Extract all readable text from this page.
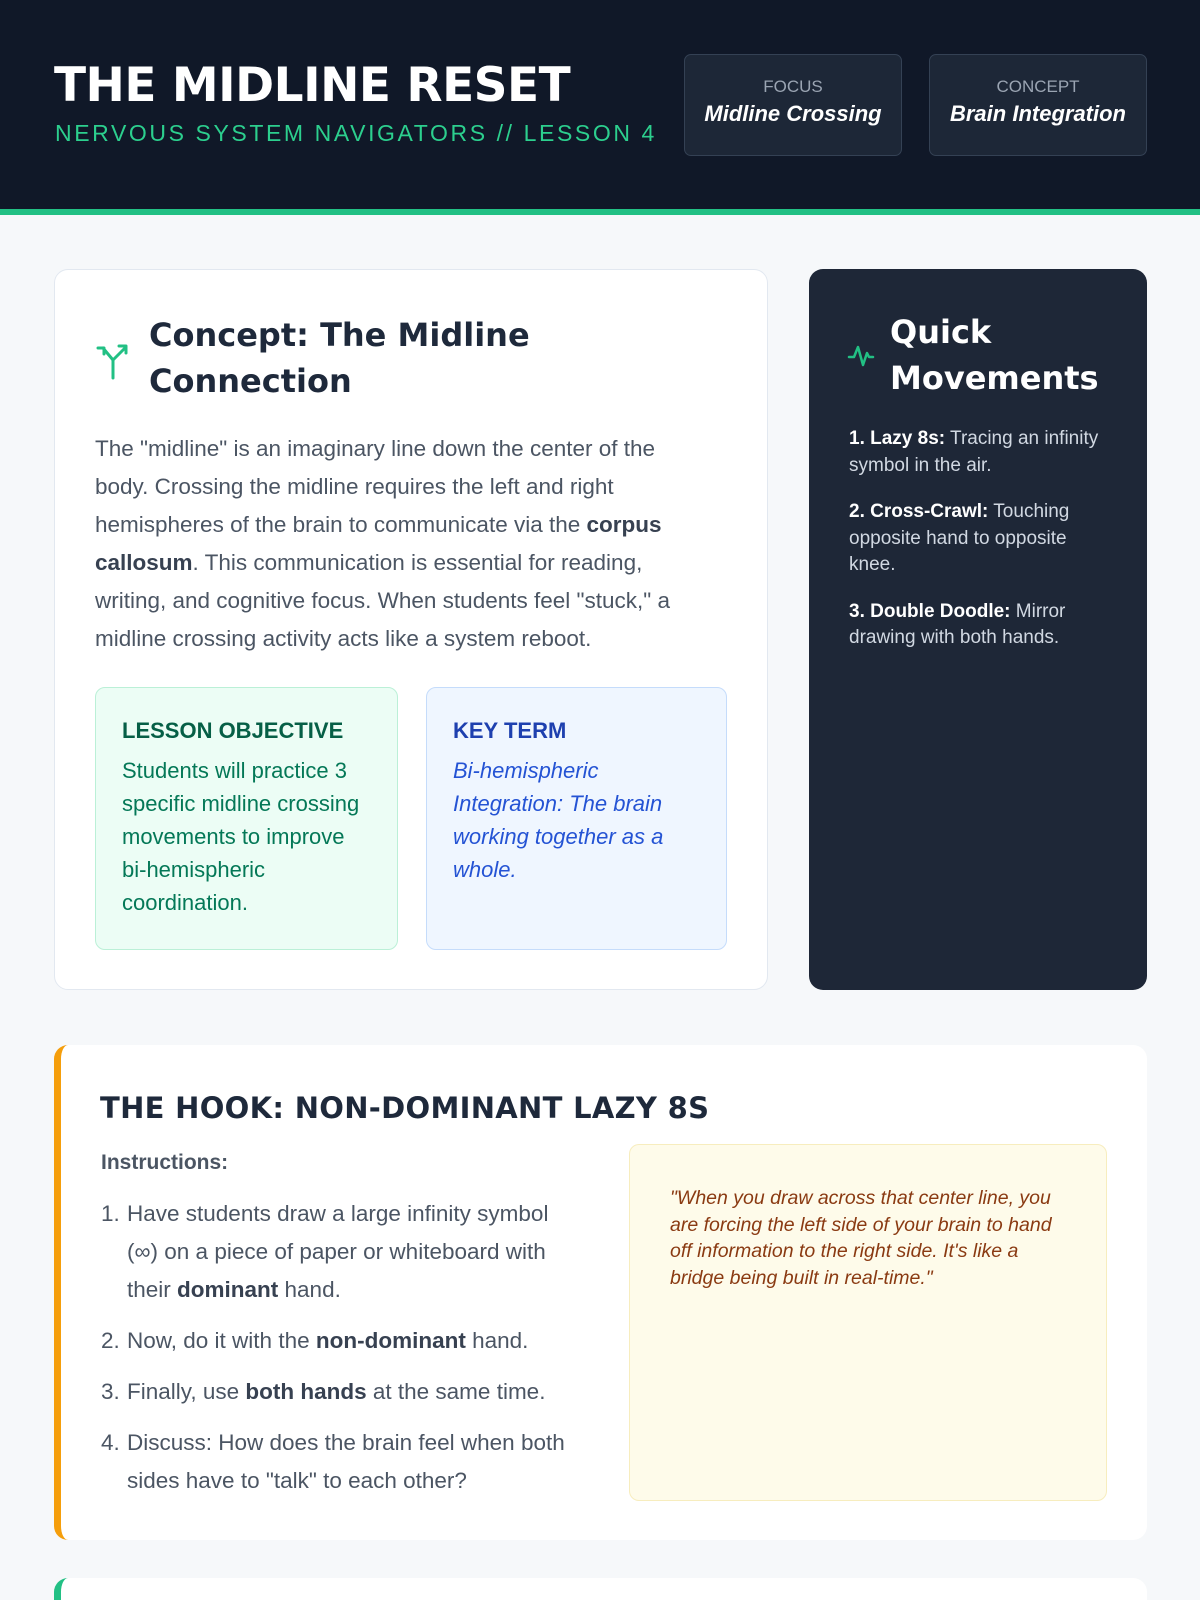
THE MIDLINE RESET
NERVOUS SYSTEM NAVIGATORS // LESSON 4
FOCUS
Midline Crossing
CONCEPT
Brain Integration
Concept: The Midline Connection

The "midline" is an imaginary line down the center of the body. Crossing the midline requires the left and right hemispheres of the brain to communicate via the corpus callosum. This communication is essential for reading, writing, and cognitive focus. When students feel "stuck," a midline crossing activity acts like a system reboot.

LESSON OBJECTIVE
Students will practice 3 specific midline crossing movements to improve bi-hemispheric coordination.
KEY TERM
Bi-hemispheric Integration: The brain working together as a whole.
Quick Movements
1. Lazy 8s: Tracing an infinity symbol in the air.
2. Cross-Crawl: Touching opposite hand to opposite knee.
3. Double Doodle: Mirror drawing with both hands.
THE HOOK: NON-DOMINANT LAZY 8S
Instructions:
1. Have students draw a large infinity symbol (∞) on a piece of paper or whiteboard with their dominant hand.
2. Now, do it with the non-dominant hand.
3. Finally, use both hands at the same time.
4. Discuss: How does the brain feel when both sides have to "talk" to each other?

"When you draw across that center line, you are forcing the left side of your brain to hand off information to the right side. It's like a bridge being built in real-time."
